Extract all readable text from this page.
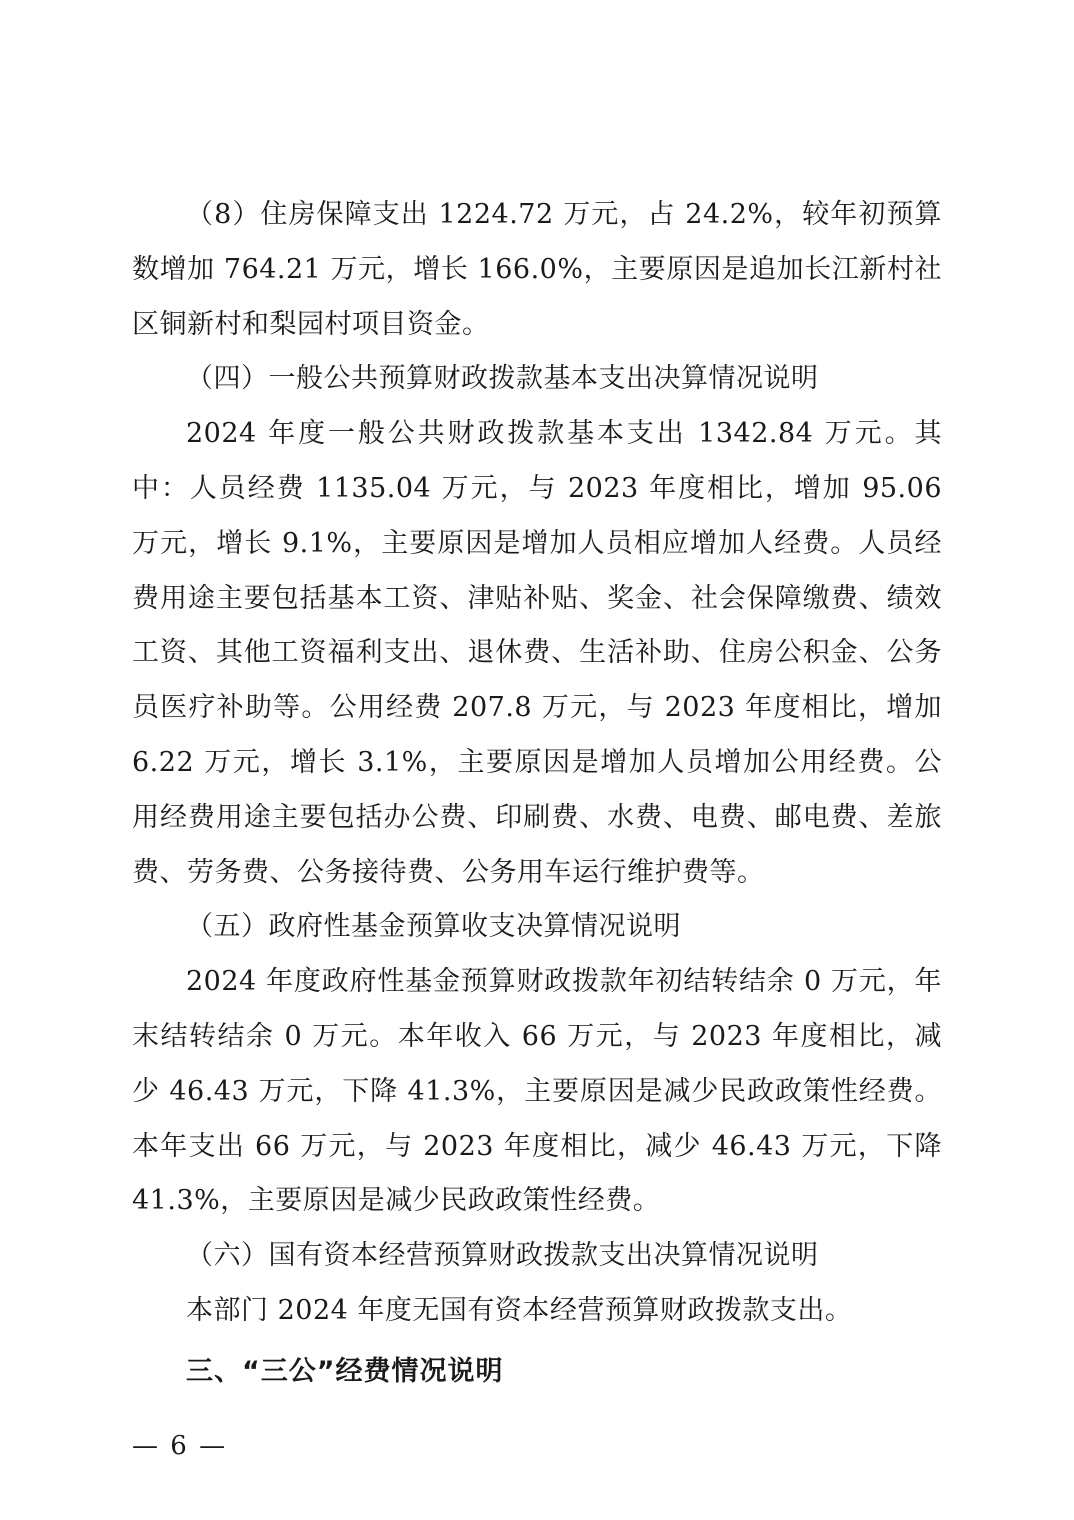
（8）住房保障支出 1224.72 万元，占 24.2%，较年初预算数增加 764.21 万元，增长 166.0%，主要原因是追加长江新村社区铜新村和梨园村项目资金。

（四）一般公共预算财政拨款基本支出决算情况说明

2024 年度一般公共财政拨款基本支出 1342.84 万元。其中：人员经费 1135.04 万元，与 2023 年度相比，增加 95.06 万元，增长 9.1%，主要原因是增加人员相应增加人经费。人员经费用途主要包括基本工资、津贴补贴、奖金、社会保障缴费、绩效工资、其他工资福利支出、退休费、生活补助、住房公积金、公务员医疗补助等。公用经费 207.8 万元，与 2023 年度相比，增加 6.22 万元，增长 3.1%，主要原因是增加人员增加公用经费。公用经费用途主要包括办公费、印刷费、水费、电费、邮电费、差旅费、劳务费、公务接待费、公务用车运行维护费等。

（五）政府性基金预算收支决算情况说明

2024 年度政府性基金预算财政拨款年初结转结余 0 万元，年末结转结余 0 万元。本年收入 66 万元，与 2023 年度相比，减少 46.43 万元，下降 41.3%，主要原因是减少民政政策性经费。本年支出 66 万元，与 2023 年度相比，减少 46.43 万元，下降 41.3%，主要原因是减少民政政策性经费。

（六）国有资本经营预算财政拨款支出决算情况说明

本部门 2024 年度无国有资本经营预算财政拨款支出。

三、“三公”经费情况说明

— 6 —
